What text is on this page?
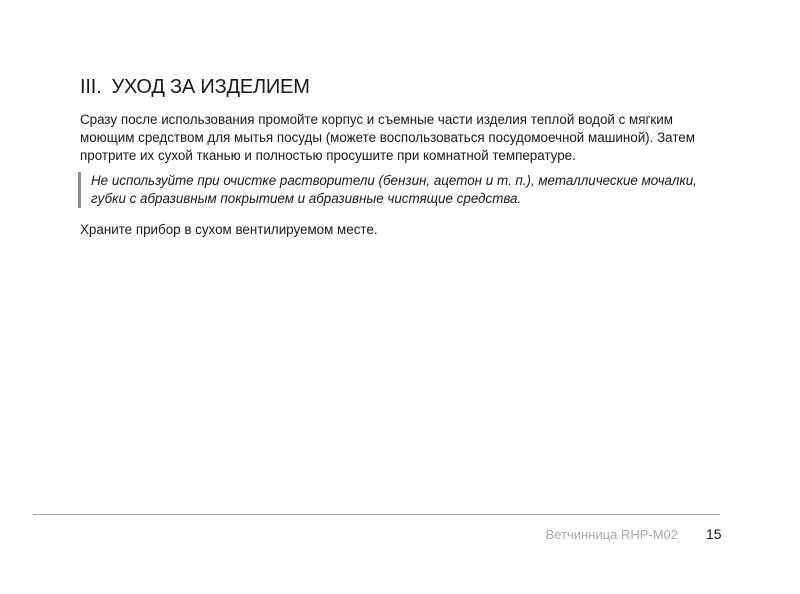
III. УХОД ЗА ИЗДЕЛИЕМ

Сразу после использования промойте корпус и съемные части изделия теплой водой с мягким моющим средством для мытья посуды (можете воспользоваться посудомоечной машиной). Затем протрите их сухой тканью и полностью просушите при комнатной температуре.

Не используйте при очистке растворители (бензин, ацетон и т. п.), металлические мочалки, губки с абразивным покрытием и абразивные чистящие средства.

Храните прибор в сухом вентилируемом месте.

Ветчинница RHP-M02 15
